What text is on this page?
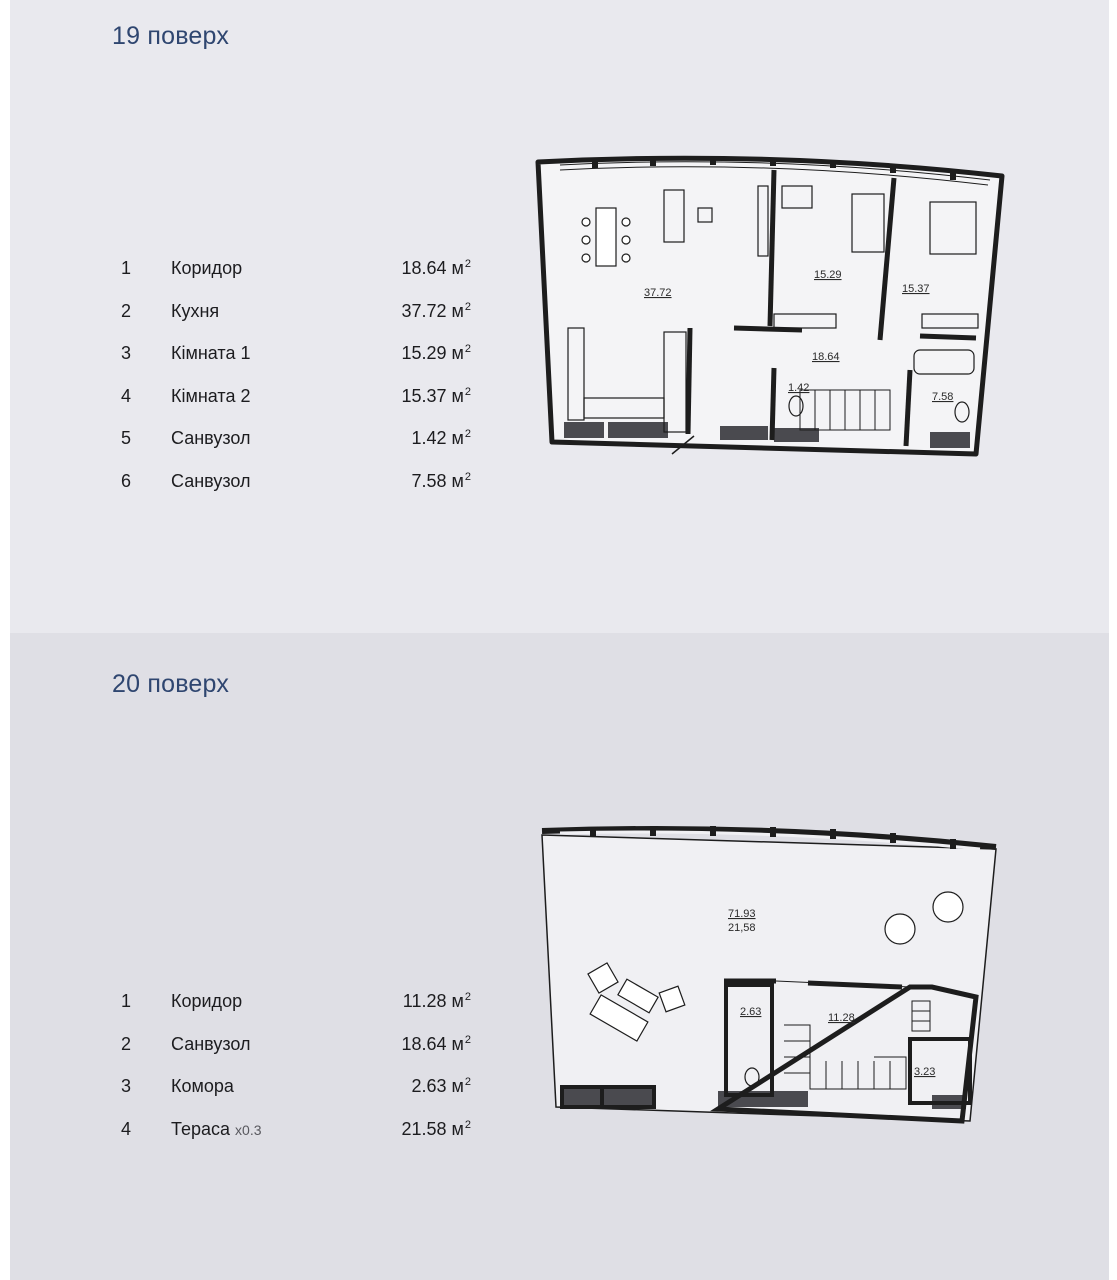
19 поверх
1 Коридор	18.64 $м^2$
2 Кухня	37.72 $м^2$
3 Кімната 1	15.29 $м^2$
4 Кімната 2	15.37 $м^2$
5 Санвузол	1.42 $м^2$
6 Санвузол	7.58 $м^2$
37.72
15.29
15.37
18.64
1.42
7.58
20 поверх
1 Коридор	11.28 $м^2$
2 Санвузол	18.64 $м^2$
3 Комора	2.63 $м^2$
4 Тераса x0.3	21.58 $м^2$
71.93
21,58
2.63	11.28
3.23
